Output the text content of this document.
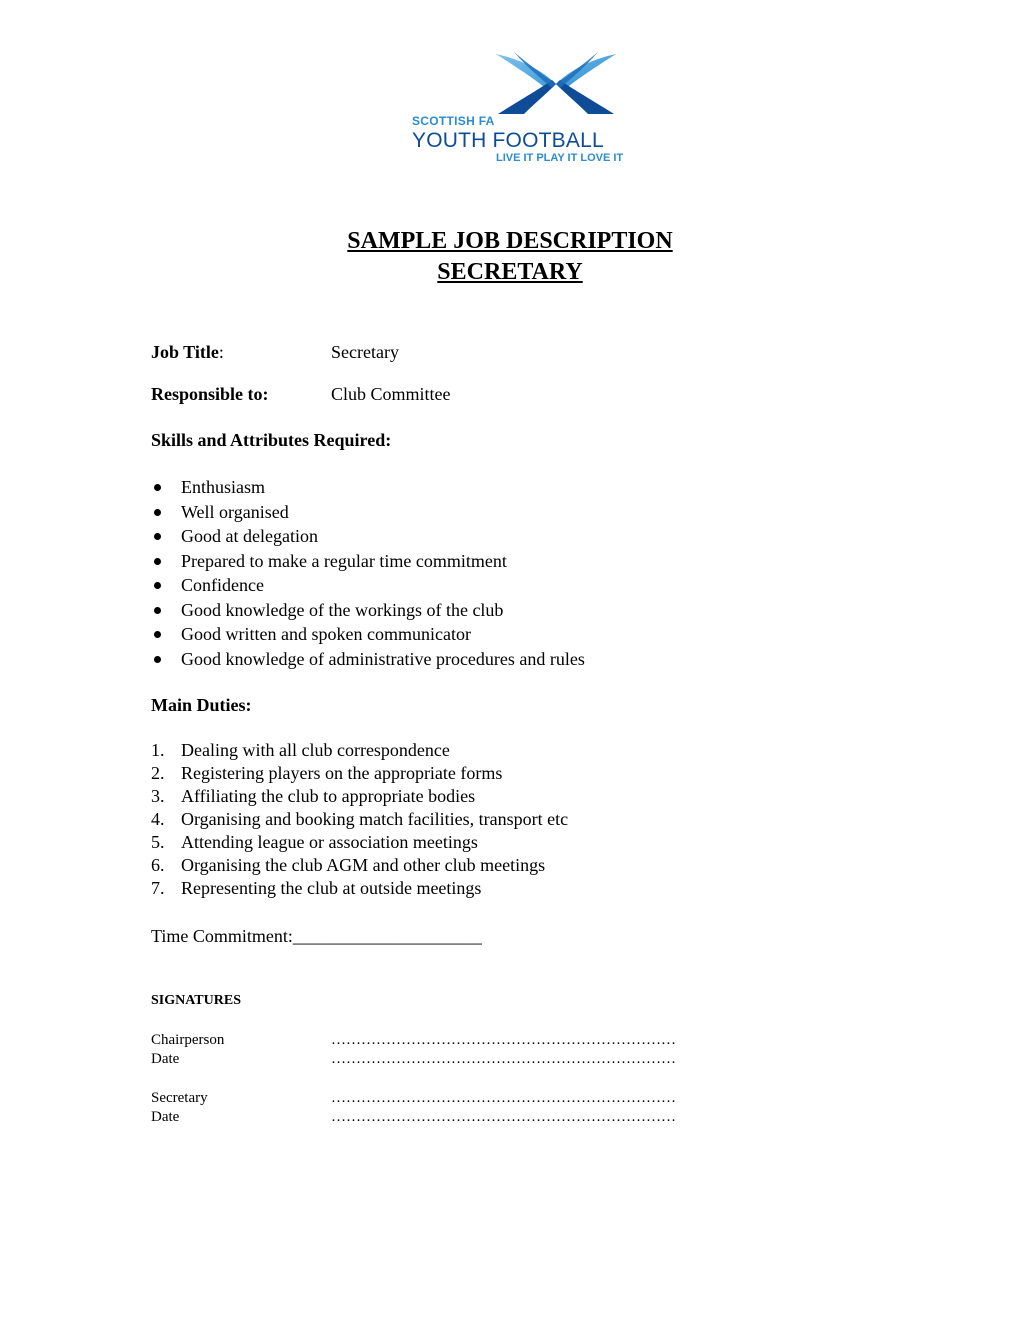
SCOTTISH FA
YOUTH FOOTBALL
LIVE IT PLAY IT LOVE IT
SAMPLE JOB DESCRIPTION
SECRETARY
Job Title:	Secretary
Responsible to:	Club Committee
Skills and Attributes Required:
Enthusiasm
Well organised
Good at delegation
Prepared to make a regular time commitment
Confidence
Good knowledge of the workings of the club
Good written and spoken communicator
Good knowledge of administrative procedures and rules
Main Duties:
1. Dealing with all club correspondence
2. Registering players on the appropriate forms
3. Affiliating the club to appropriate bodies
4. Organising and booking match facilities, transport etc
5. Attending league or association meetings
6. Organising the club AGM and other club meetings
7. Representing the club at outside meetings
Time Commitment:_____________________
SIGNATURES
Chairperson	……………………………………………………………
Date	……………………………………………………………
Secretary	……………………………………………………………
Date	……………………………………………………………
